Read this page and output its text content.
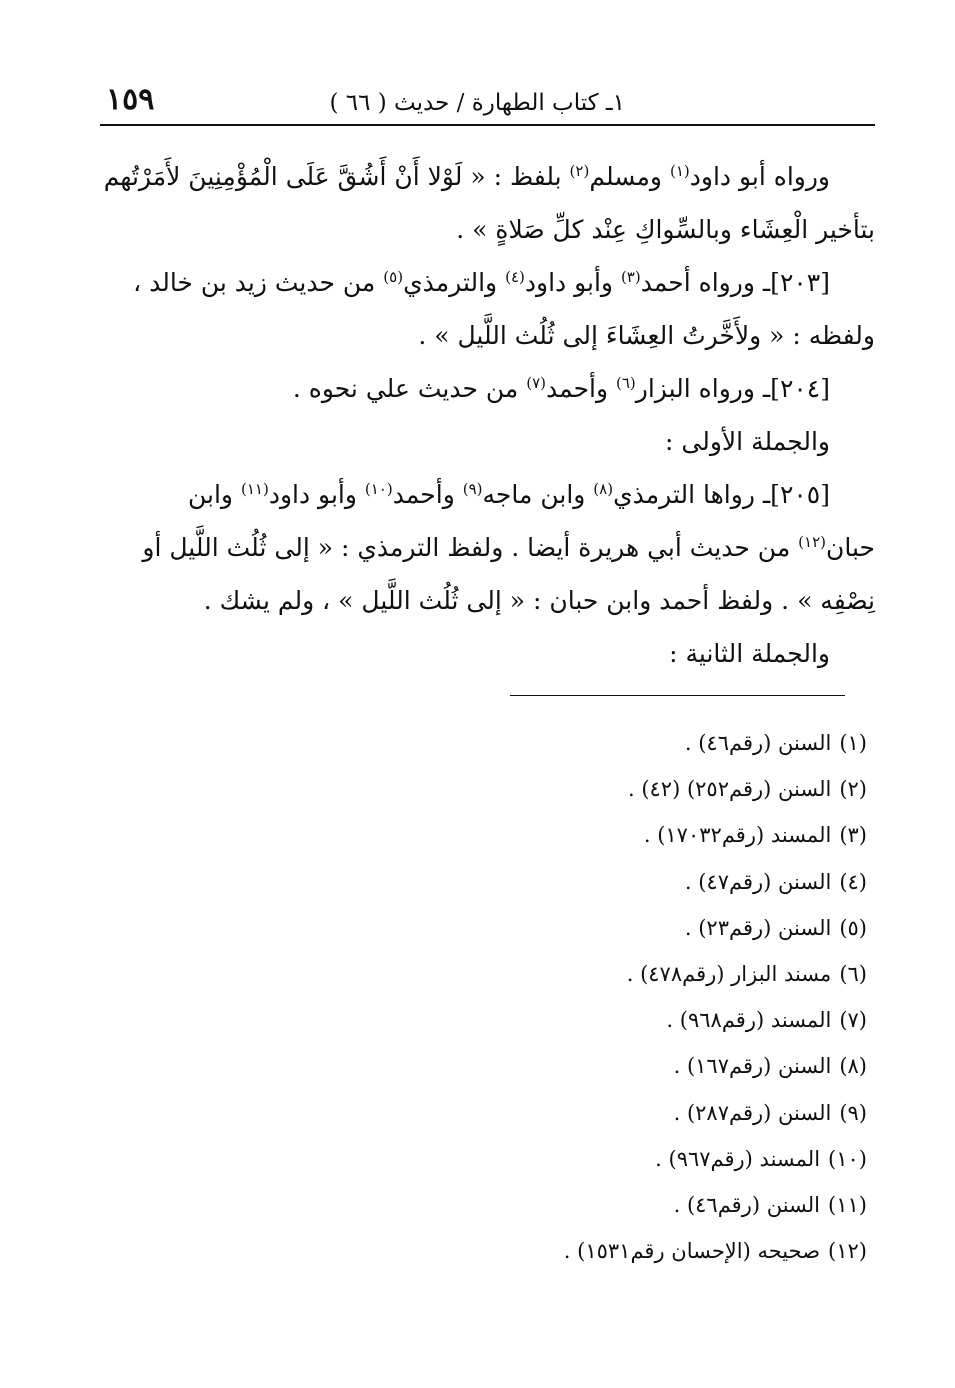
١ـ كتاب الطهارة / حديث ( ٦٦ )
١٥٩
ورواه أبو داود$^{(١)}$ ومسلم$^{(٢)}$ بلفظ : « لَوْلا أَنْ أَشُقَّ عَلَى الْمُؤْمِنِينَ لأَمَرْتُهم
بتأخير الْعِشَاء وبالسِّواكِ عِنْد كلِّ صَلاةٍ » .
[٢٠٣]ـ ورواه أحمد$^{(٣)}$ وأبو داود$^{(٤)}$ والترمذي$^{(٥)}$ من حديث زيد بن خالد ،
ولفظه : « ولأَخَّرتُ العِشَاءَ إلى ثُلُث اللَّيل » .
[٢٠٤]ـ ورواه البزار$^{(٦)}$ وأحمد$^{(٧)}$ من حديث علي نحوه .
والجملة الأولى :
[٢٠٥]ـ رواها الترمذي$^{(٨)}$ وابن ماجه$^{(٩)}$ وأحمد$^{(١٠)}$ وأبو داود$^{(١١)}$ وابن
حبان$^{(١٢)}$ من حديث أبي هريرة أيضا . ولفظ الترمذي : « إلى ثُلُث اللَّيل أو
نِصْفِه » . ولفظ أحمد وابن حبان : « إلى ثُلُث اللَّيل » ، ولم يشك .
والجملة الثانية :
(١)السنن (رقم٤٦) .
(٢)السنن (رقم٢٥٢) (٤٢) .
(٣)المسند (رقم١٧٠٣٢) .
(٤)السنن (رقم٤٧) .
(٥)السنن (رقم٢٣) .
(٦)مسند البزار (رقم٤٧٨) .
(٧)المسند (رقم٩٦٨) .
(٨)السنن (رقم١٦٧) .
(٩)السنن (رقم٢٨٧) .
(١٠)المسند (رقم٩٦٧) .
(١١)السنن (رقم٤٦) .
(١٢)صحيحه (الإحسان رقم١٥٣١) .
